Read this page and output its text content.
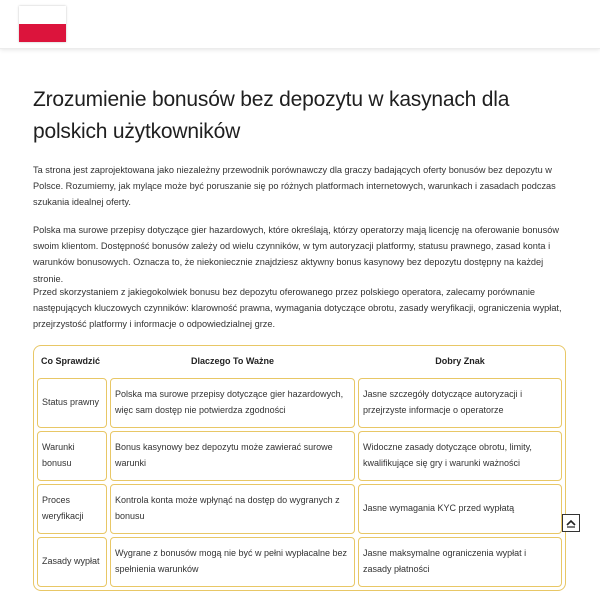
Zrozumienie bonusów bez depozytu w kasynach dla polskich użytkowników

Ta strona jest zaprojektowana jako niezależny przewodnik porównawczy dla graczy badających oferty bonusów bez depozytu w Polsce. Rozumiemy, jak mylące może być poruszanie się po różnych platformach internetowych, warunkach i zasadach podczas szukania idealnej oferty.

Polska ma surowe przepisy dotyczące gier hazardowych, które określają, którzy operatorzy mają licencję na oferowanie bonusów swoim klientom. Dostępność bonusów zależy od wielu czynników, w tym autoryzacji platformy, statusu prawnego, zasad konta i warunków bonusowych. Oznacza to, że niekoniecznie znajdziesz aktywny bonus kasynowy bez depozytu dostępny na każdej stronie.

Przed skorzystaniem z jakiegokolwiek bonusu bez depozytu oferowanego przez polskiego operatora, zalecamy porównanie następujących kluczowych czynników: klarowność prawna, wymagania dotyczące obrotu, zasady weryfikacji, ograniczenia wypłat, przejrzystość platformy i informacje o odpowiedzialnej grze.

Co Sprawdzić	Dlaczego To Ważne	Dobry Znak
Status prawny	Polska ma surowe przepisy dotyczące gier hazardowych, więc sam dostęp nie potwierdza zgodności	Jasne szczegóły dotyczące autoryzacji i przejrzyste informacje o operatorze
Warunki bonusu	Bonus kasynowy bez depozytu może zawierać surowe warunki	Widoczne zasady dotyczące obrotu, limity, kwalifikujące się gry i warunki ważności
Proces weryfikacji	Kontrola konta może wpłynąć na dostęp do wygranych z bonusu	Jasne wymagania KYC przed wypłatą
Zasady wypłat	Wygrane z bonusów mogą nie być w pełni wypłacalne bez spełnienia warunków	Jasne maksymalne ograniczenia wypłat i zasady płatności
